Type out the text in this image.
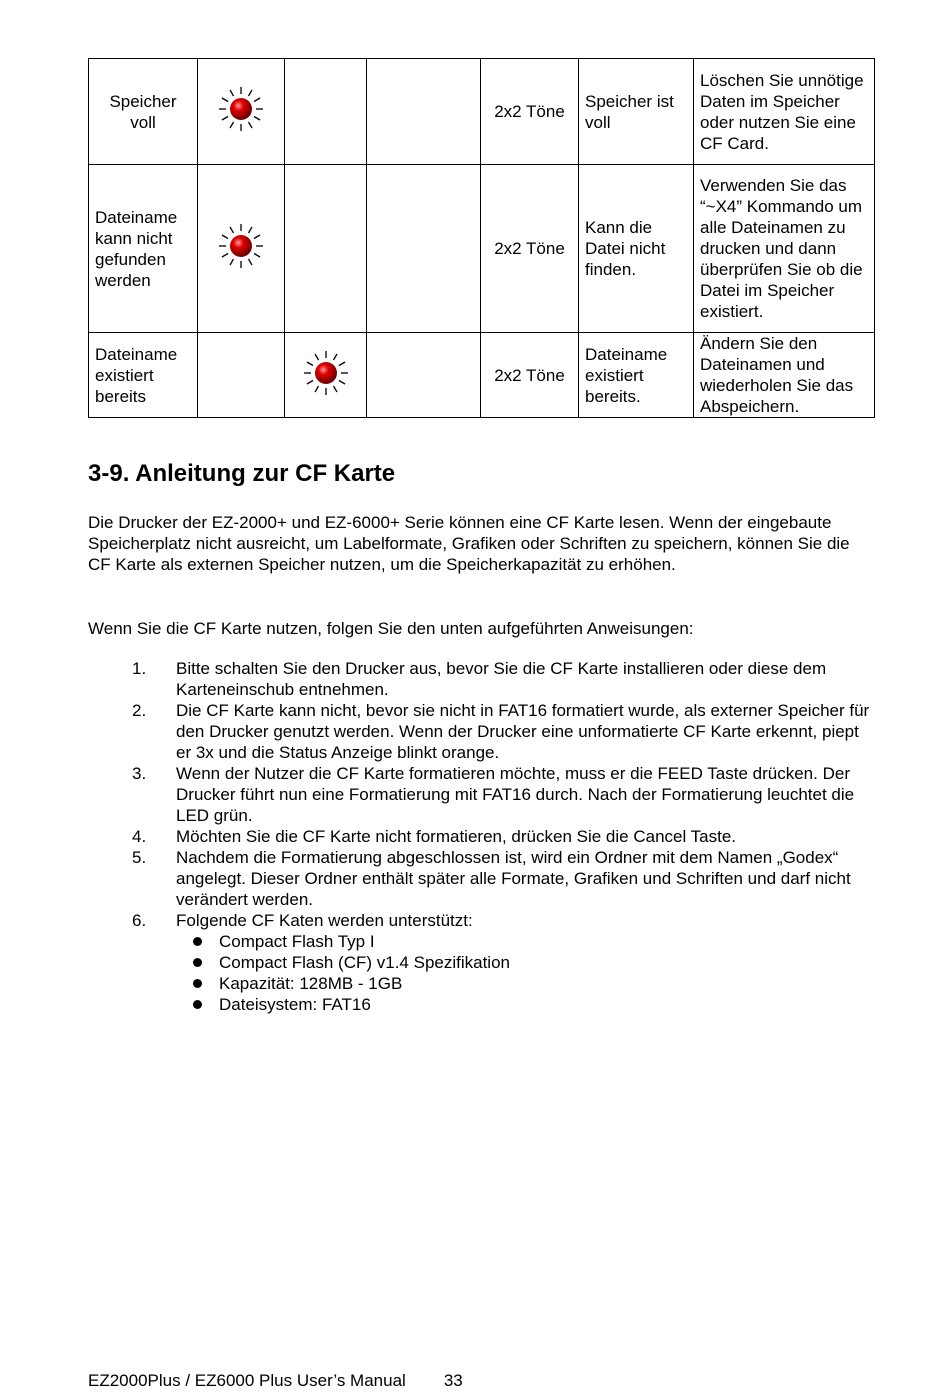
Speicher voll				2x2 Töne	Speicher ist voll	Löschen Sie unnötige Daten im Speicher oder nutzen Sie eine CF Card.
Dateiname kann nicht gefunden werden				2x2 Töne	Kann die Datei nicht finden.	Verwenden Sie das “~X4” Kommando um alle Dateinamen zu drucken und dann überprüfen Sie ob die Datei im Speicher existiert.
Dateiname existiert bereits				2x2 Töne	Dateiname existiert bereits.	Ändern Sie den Dateinamen und wiederholen Sie das Abspeichern.
3-9. Anleitung zur CF Karte

Die Drucker der EZ-2000+ und EZ-6000+ Serie können eine CF Karte lesen. Wenn der eingebaute Speicherplatz nicht ausreicht, um Labelformate, Grafiken oder Schriften zu speichern, können Sie die CF Karte als externen Speicher nutzen, um die Speicherkapazität zu erhöhen.

Wenn Sie die CF Karte nutzen, folgen Sie den unten aufgeführten Anweisungen:

1. Bitte schalten Sie den Drucker aus, bevor Sie die CF Karte installieren oder diese dem Karteneinschub entnehmen.
2. Die CF Karte kann nicht, bevor sie nicht in FAT16 formatiert wurde, als externer Speicher für den Drucker genutzt werden. Wenn der Drucker eine unformatierte CF Karte erkennt, piept er 3x und die Status Anzeige blinkt orange.
3. Wenn der Nutzer die CF Karte formatieren möchte, muss er die FEED Taste drücken. Der Drucker führt nun eine Formatierung mit FAT16 durch. Nach der Formatierung leuchtet die LED grün.
4. Möchten Sie die CF Karte nicht formatieren, drücken Sie die Cancel Taste.
5. Nachdem die Formatierung abgeschlossen ist, wird ein Ordner mit dem Namen „Godex“ angelegt. Dieser Ordner enthält später alle Formate, Grafiken und Schriften und darf nicht verändert werden.
6. Folgende CF Katen werden unterstützt:
Compact Flash Typ I
Compact Flash (CF) v1.4 Spezifikation
Kapazität: 128MB - 1GB
Dateisystem: FAT16
EZ2000Plus / EZ6000 Plus User’s Manual 33
